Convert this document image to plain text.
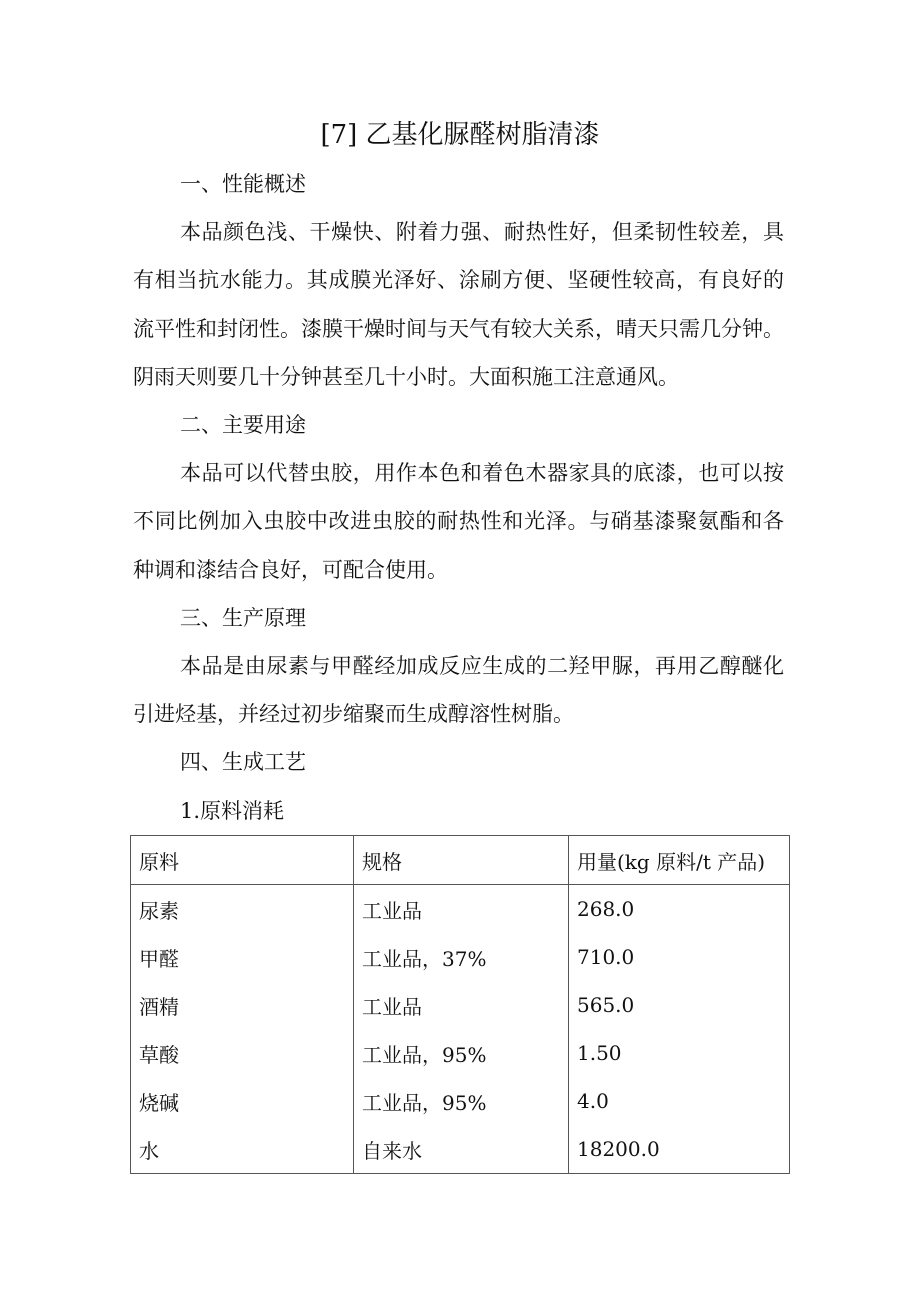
[7] 乙基化脲醛树脂清漆
一、性能概述
本品颜色浅、干燥快、附着力强、耐热性好，但柔韧性较差，具
有相当抗水能力。其成膜光泽好、涂刷方便、坚硬性较高，有良好的
流平性和封闭性。漆膜干燥时间与天气有较大关系，晴天只需几分钟。
阴雨天则要几十分钟甚至几十小时。大面积施工注意通风。
二、主要用途
本品可以代替虫胶，用作本色和着色木器家具的底漆，也可以按
不同比例加入虫胶中改进虫胶的耐热性和光泽。与硝基漆聚氨酯和各
种调和漆结合良好，可配合使用。
三、生产原理
本品是由尿素与甲醛经加成反应生成的二羟甲脲，再用乙醇醚化
引进烃基，并经过初步缩聚而生成醇溶性树脂。
四、生成工艺
1.原料消耗
原料	规格	用量(kg 原料/t 产品)
尿素	工业品	268.0
甲醛	工业品，37%	710.0
酒精	工业品	565.0
草酸	工业品，95%	1.50
烧碱	工业品，95%	4.0
水	自来水	18200.0
